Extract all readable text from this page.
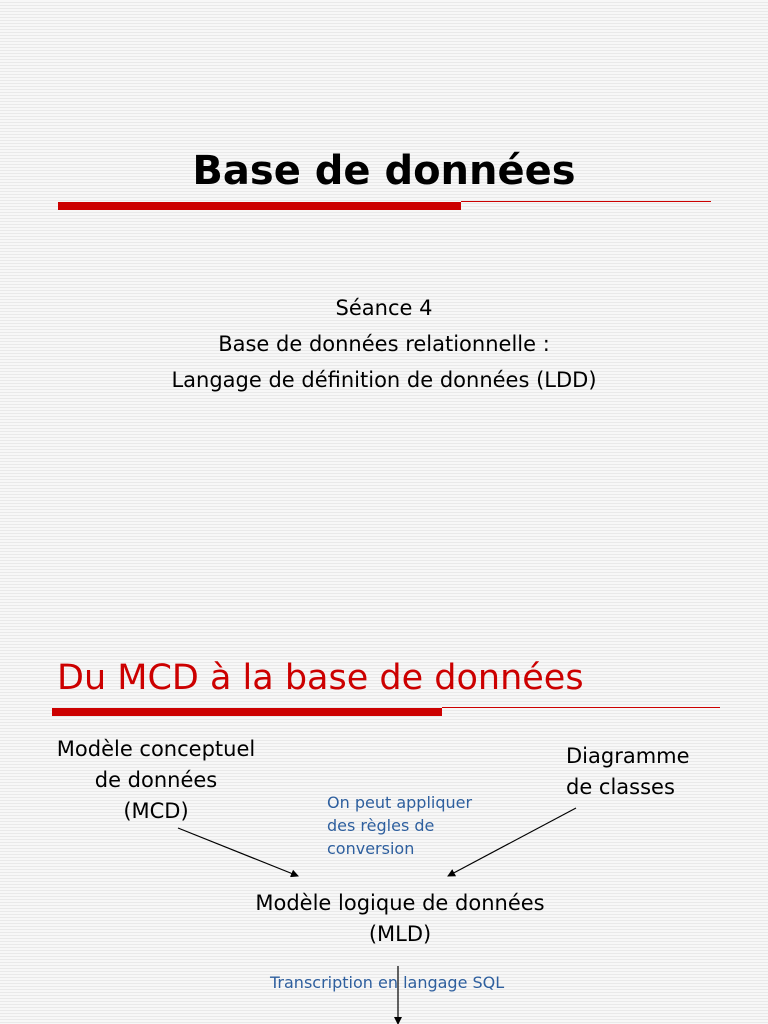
Base de données
Séance 4
Base de données relationnelle :
Langage de définition de données (LDD)
Du MCD à la base de données
Modèle conceptuel
de données
(MCD)
Diagramme
de classes
On peut appliquer
des règles de
conversion
Modèle logique de données
(MLD)
Transcription en langage SQL
